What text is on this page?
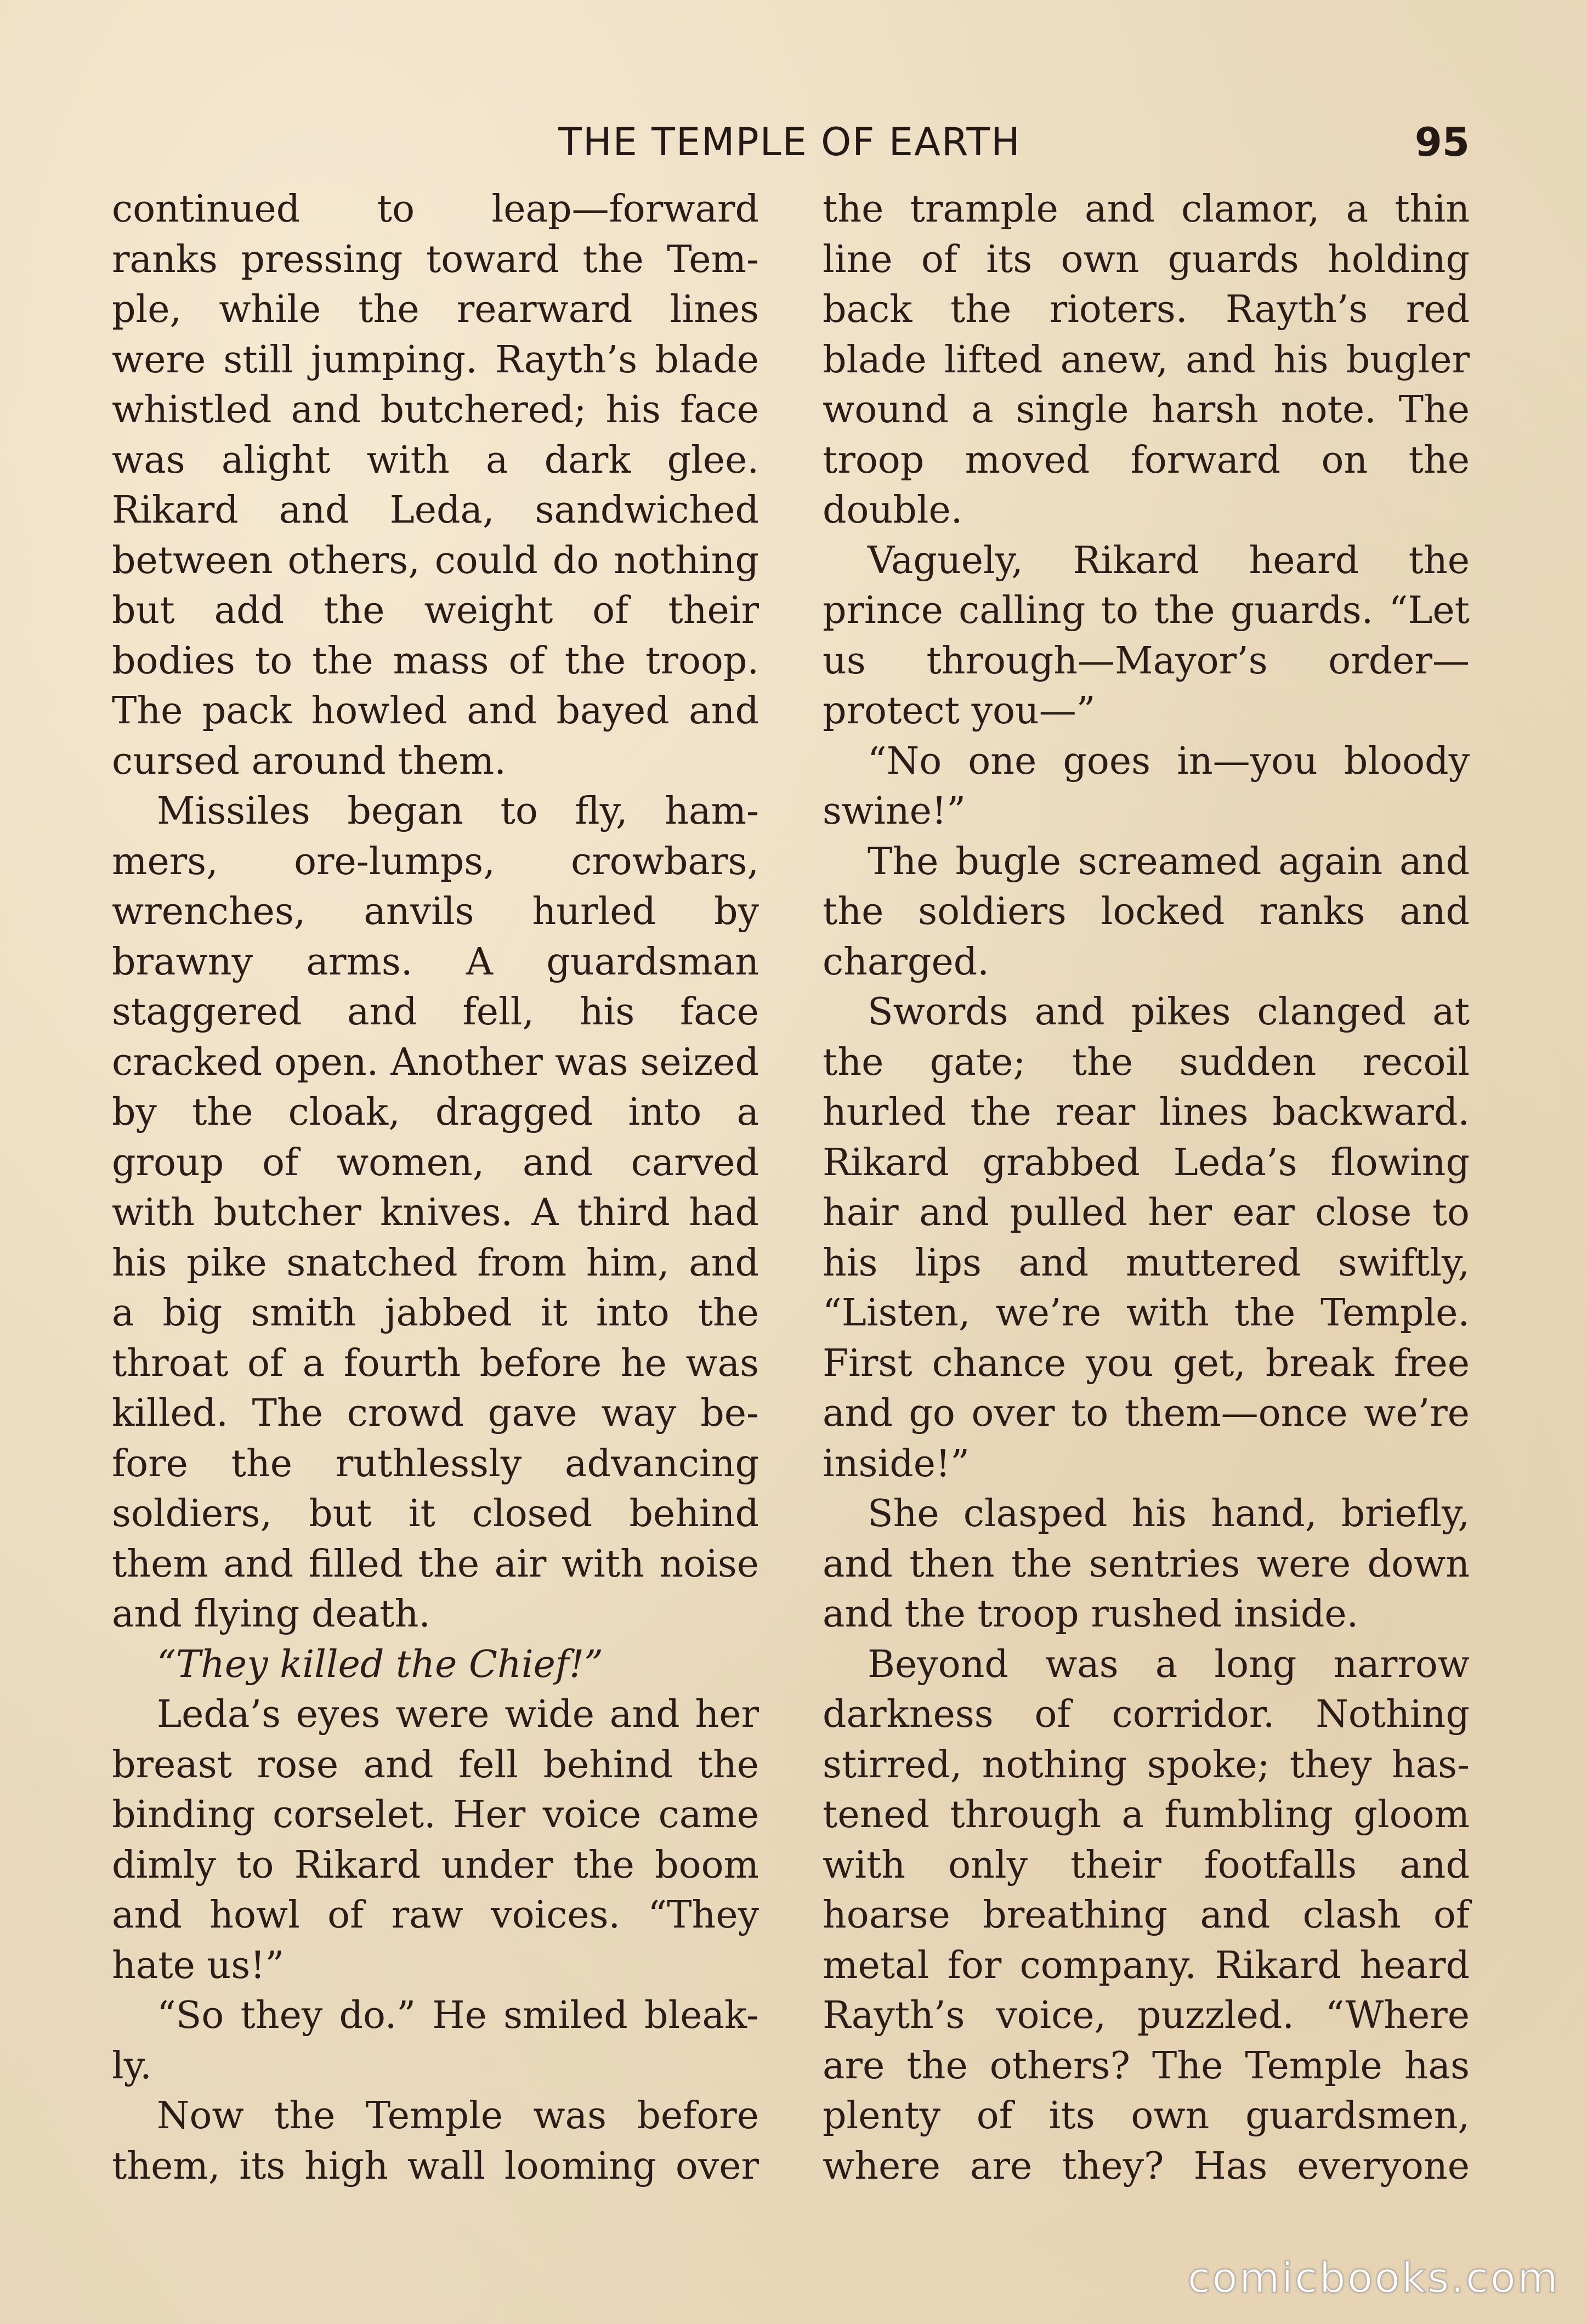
THE TEMPLE OF EARTH	95
continued to leap—forward
ranks pressing toward the Tem-
ple, while the rearward lines
were still jumping. Rayth’s blade
whistled and butchered; his face
was alight with a dark glee.
Rikard and Leda, sandwiched
between others, could do nothing
but add the weight of their
bodies to the mass of the troop.
The pack howled and bayed and
cursed around them.
Missiles began to fly, ham-
mers, ore-lumps, crowbars,
wrenches, anvils hurled by
brawny arms. A guardsman
staggered and fell, his face
cracked open. Another was seized
by the cloak, dragged into a
group of women, and carved
with butcher knives. A third had
his pike snatched from him, and
a big smith jabbed it into the
throat of a fourth before he was
killed. The crowd gave way be-
fore the ruthlessly advancing
soldiers, but it closed behind
them and filled the air with noise
and flying death.
“They killed the Chief!”
Leda’s eyes were wide and her
breast rose and fell behind the
binding corselet. Her voice came
dimly to Rikard under the boom
and howl of raw voices. “They
hate us!”
“So they do.” He smiled bleak-
ly.
Now the Temple was before
them, its high wall looming over
the trample and clamor, a thin
line of its own guards holding
back the rioters. Rayth’s red
blade lifted anew, and his bugler
wound a single harsh note. The
troop moved forward on the
double.
Vaguely, Rikard heard the
prince calling to the guards. “Let
us through—Mayor’s order—
protect you—”
“No one goes in—you bloody
swine!”
The bugle screamed again and
the soldiers locked ranks and
charged.
Swords and pikes clanged at
the gate; the sudden recoil
hurled the rear lines backward.
Rikard grabbed Leda’s flowing
hair and pulled her ear close to
his lips and muttered swiftly,
“Listen, we’re with the Temple.
First chance you get, break free
and go over to them—once we’re
inside!”
She clasped his hand, briefly,
and then the sentries were down
and the troop rushed inside.
Beyond was a long narrow
darkness of corridor. Nothing
stirred, nothing spoke; they has-
tened through a fumbling gloom
with only their footfalls and
hoarse breathing and clash of
metal for company. Rikard heard
Rayth’s voice, puzzled. “Where
are the others? The Temple has
plenty of its own guardsmen,
where are they? Has everyone
comicbooks.com
